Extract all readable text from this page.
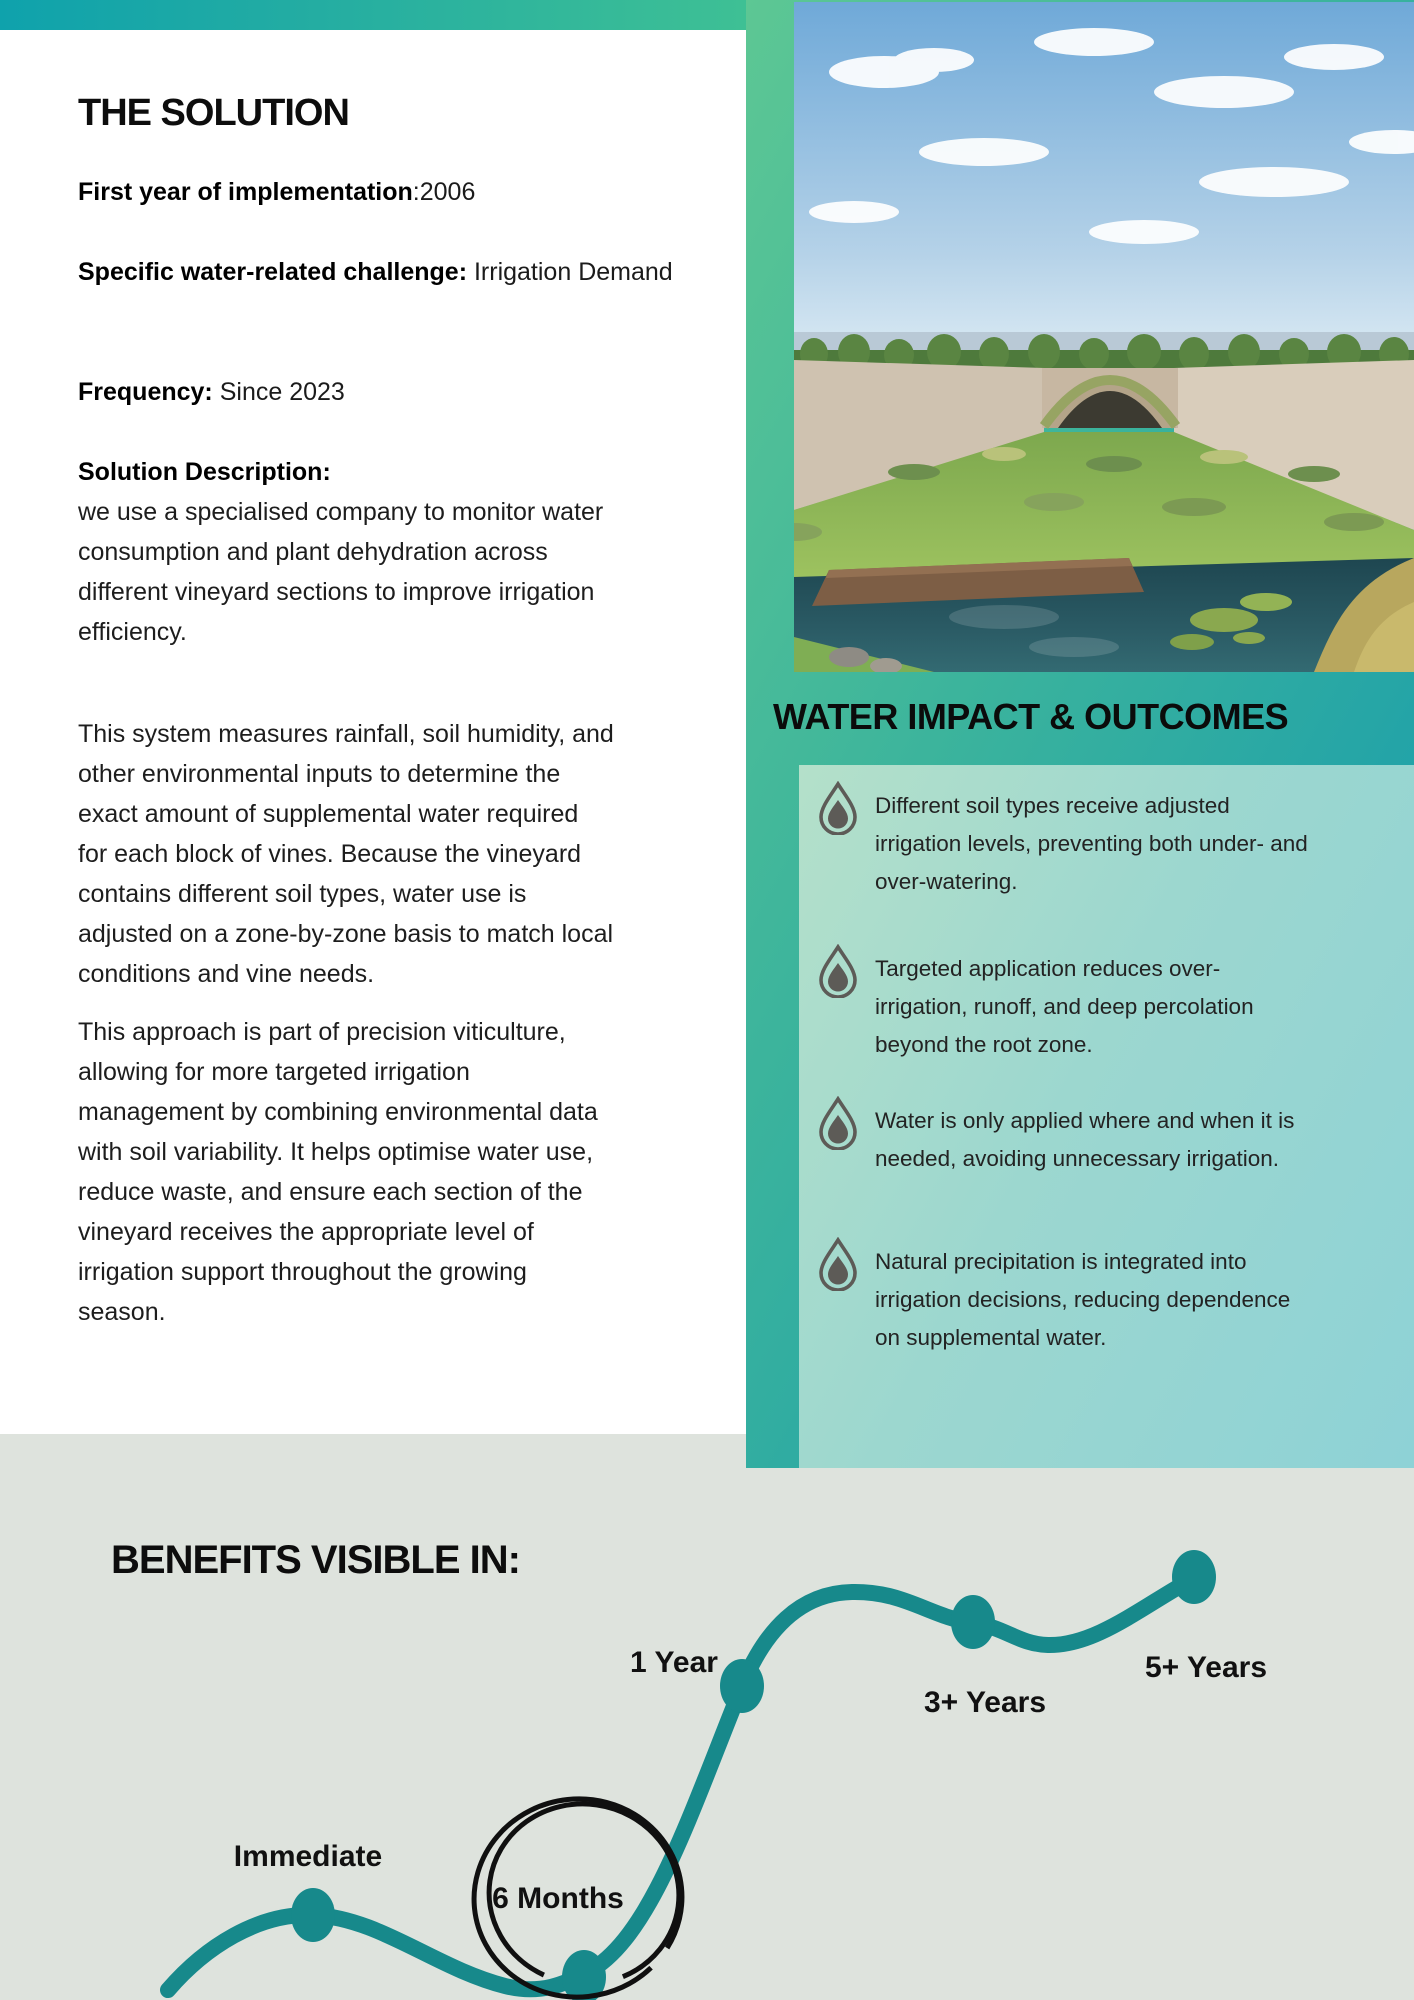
THE SOLUTION
First year of implementation:2006
Specific water-related challenge: Irrigation Demand
Frequency: Since 2023
Solution Description:
we use a specialised company to monitor water
consumption and plant dehydration across
different vineyard sections to improve irrigation
efficiency.
This system measures rainfall, soil humidity, and
other environmental inputs to determine the
exact amount of supplemental water required
for each block of vines. Because the vineyard
contains different soil types, water use is
adjusted on a zone-by-zone basis to match local
conditions and vine needs.
This approach is part of precision viticulture,
allowing for more targeted irrigation
management by combining environmental data
with soil variability. It helps optimise water use,
reduce waste, and ensure each section of the
vineyard receives the appropriate level of
irrigation support throughout the growing
season.
WATER IMPACT & OUTCOMES
Different soil types receive adjusted
irrigation levels, preventing both under- and
over-watering.
Targeted application reduces over-
irrigation, runoff, and deep percolation
beyond the root zone.
Water is only applied where and when it is
needed, avoiding unnecessary irrigation.
Natural precipitation is integrated into
irrigation decisions, reducing dependence
on supplemental water.
BENEFITS VISIBLE IN:
Immediate
6 Months
1 Year
3+ Years
5+ Years
